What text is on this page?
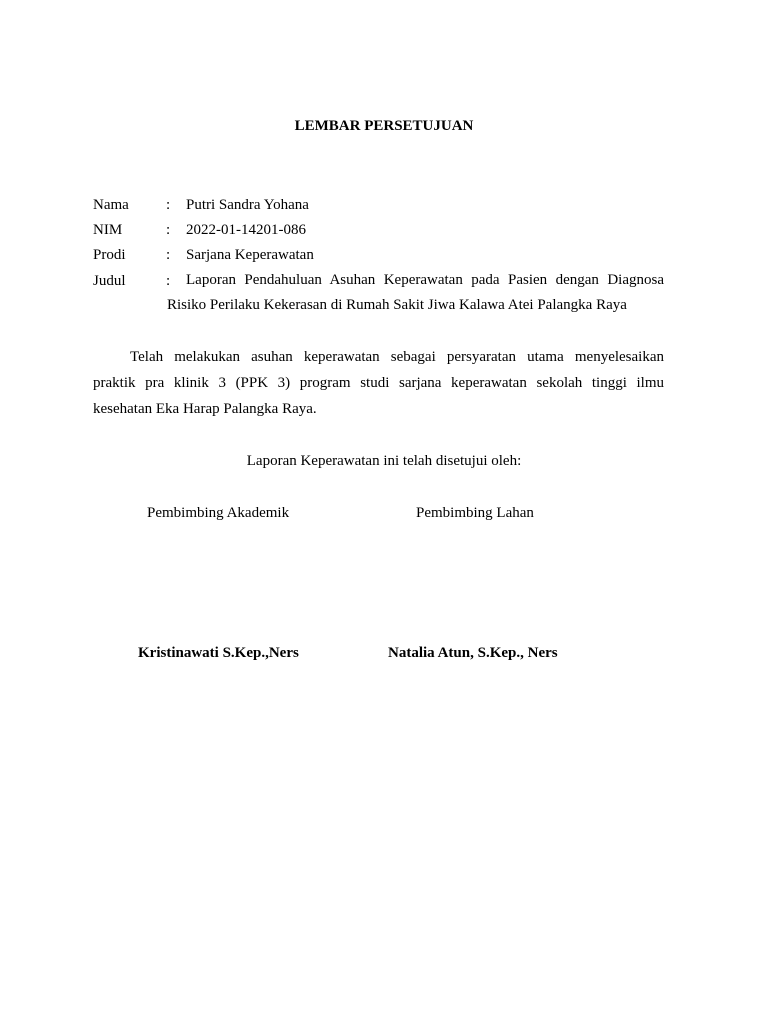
LEMBAR PERSETUJUAN
Nama : Putri Sandra Yohana
NIM	: 2022-01-14201-086
Prodi	: Sarjana Keperawatan
Judul	:	Laporan Pendahuluan Asuhan Keperawatan pada Pasien dengan Diagnosa
Risiko Perilaku Kekerasan di Rumah Sakit Jiwa Kalawa Atei Palangka Raya
Telah melakukan asuhan keperawatan sebagai persyaratan utama menyelesaikan
praktik pra klinik 3 (PPK 3) program studi sarjana keperawatan sekolah tinggi ilmu
kesehatan Eka Harap Palangka Raya.
Laporan Keperawatan ini telah disetujui oleh:
Pembimbing Akademik	Pembimbing Lahan
Kristinawati S.Kep.,Ners	Natalia Atun, S.Kep., Ners
